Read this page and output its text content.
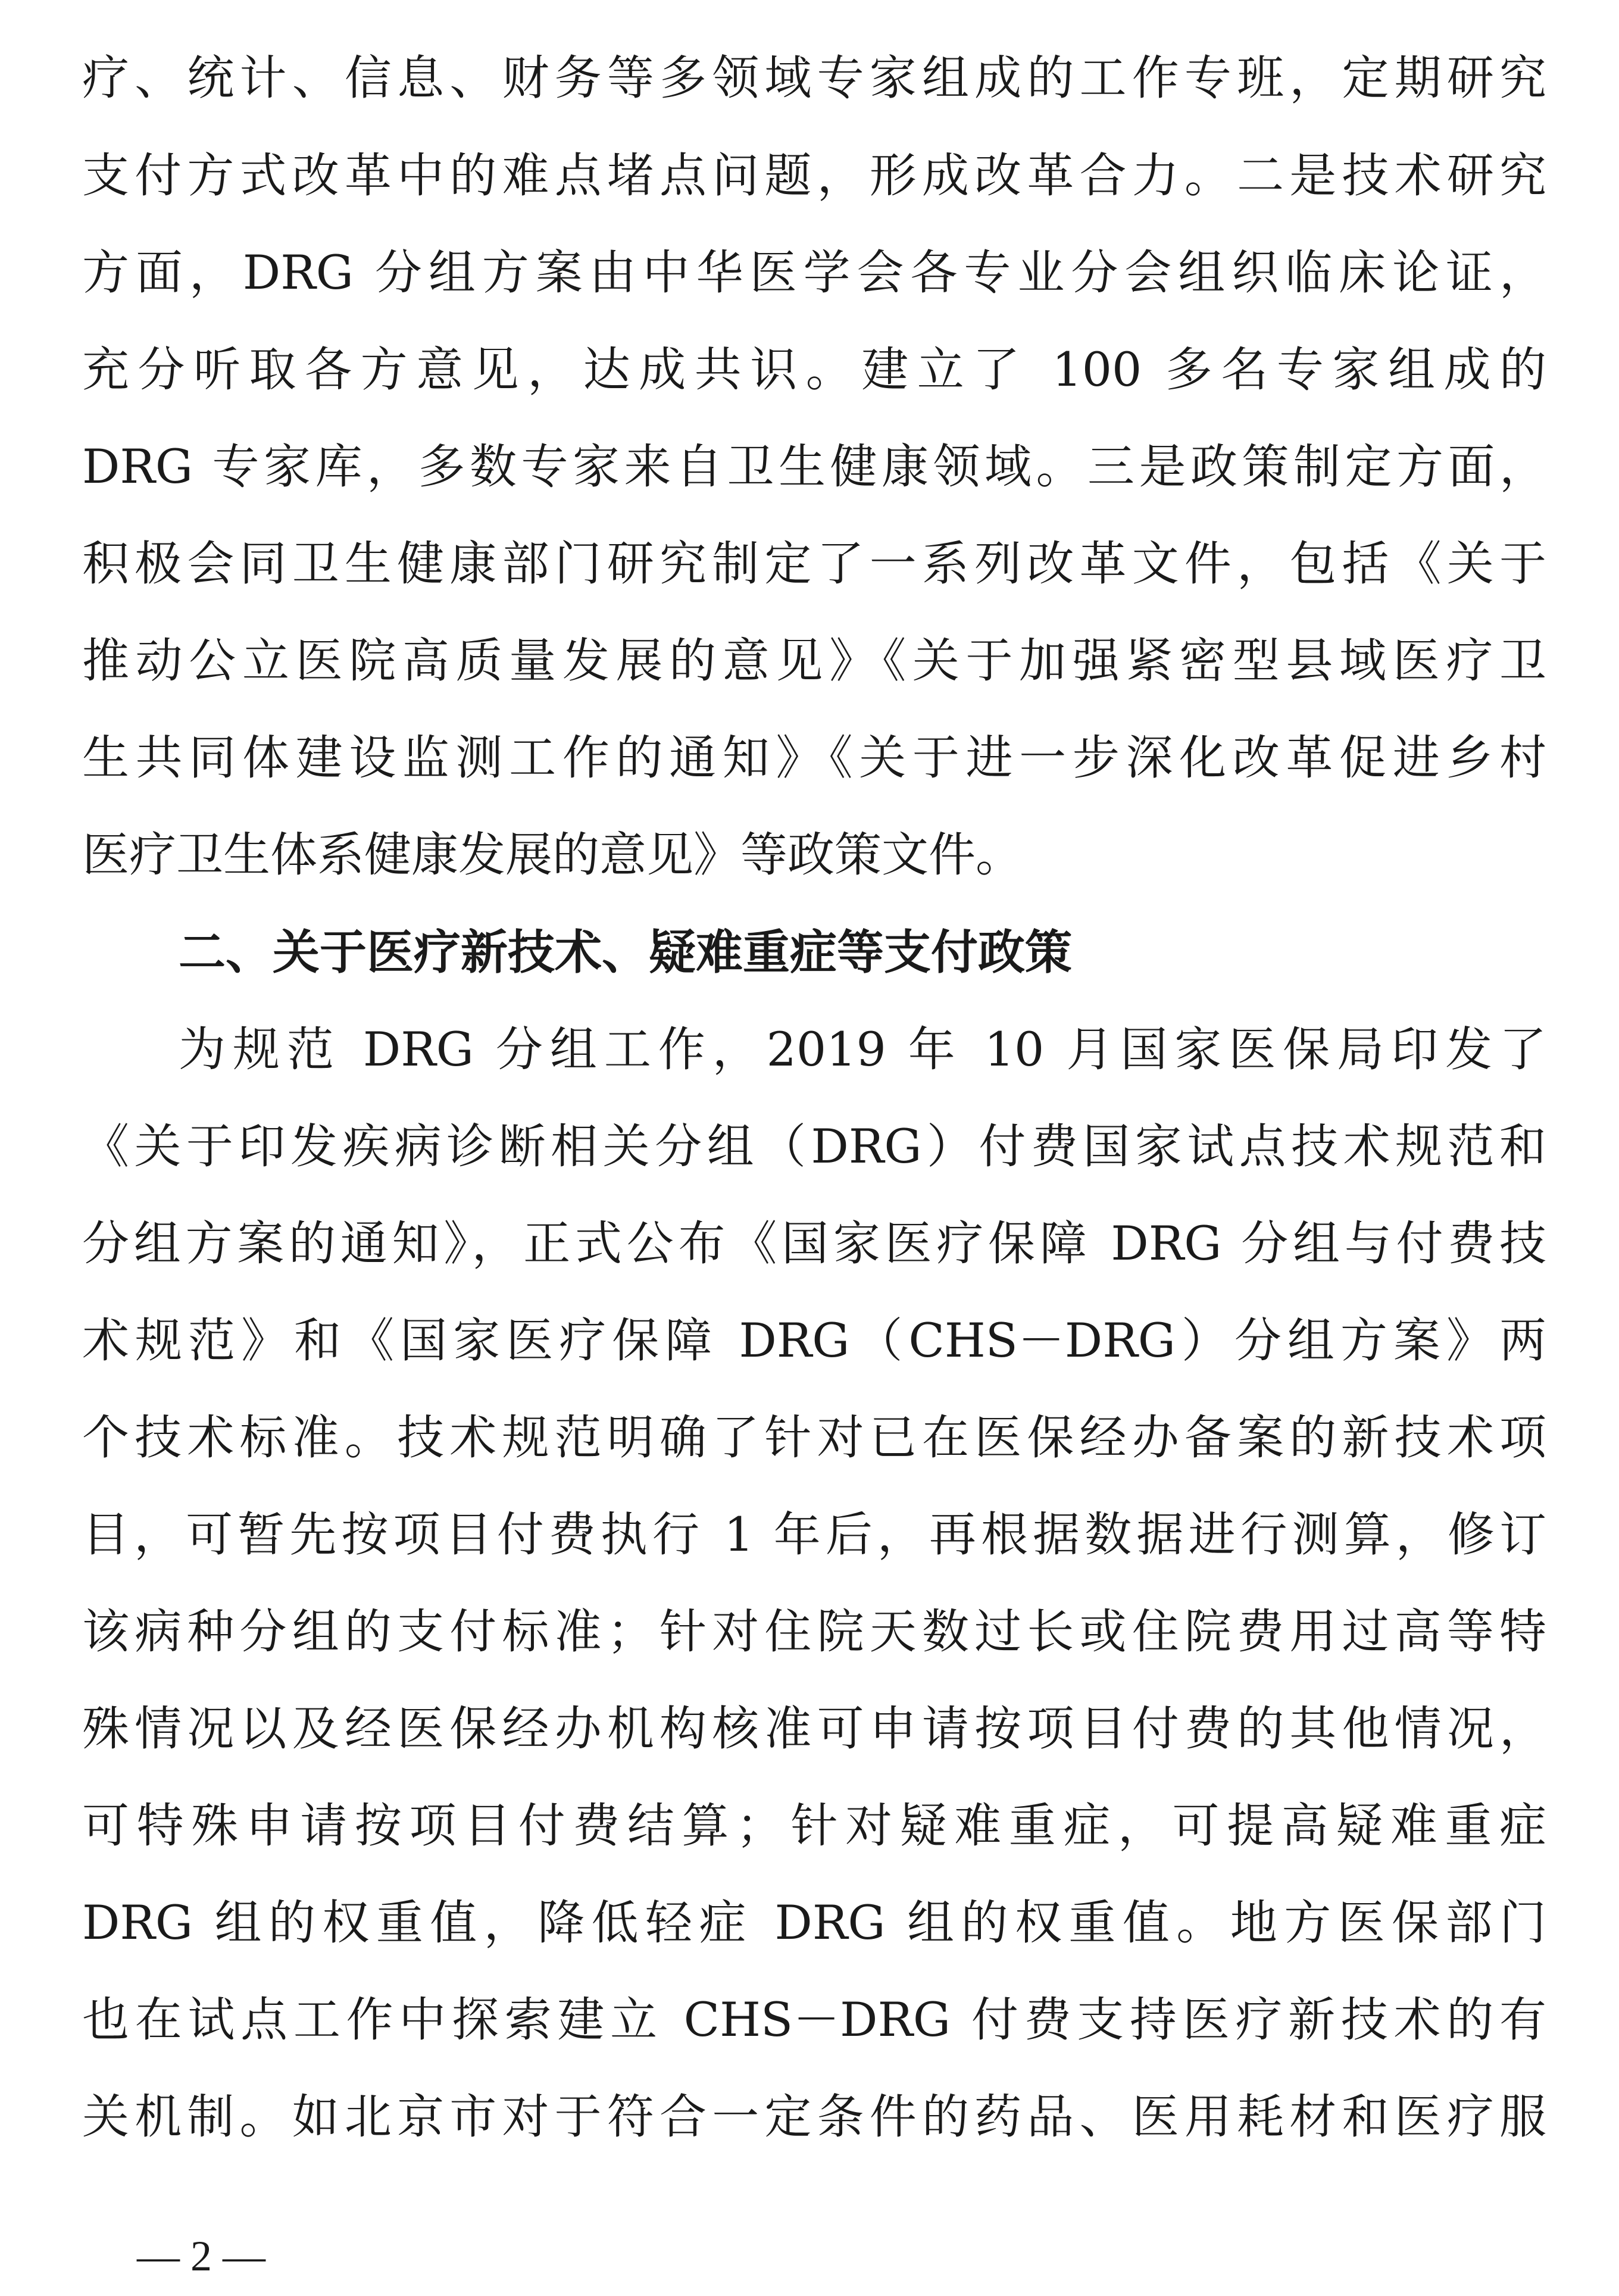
疗、统计、信息、财务等多领域专家组成的工作专班，定期研究
支付方式改革中的难点堵点问题，形成改革合力。二是技术研究
方面，DRG 分组方案由中华医学会各专业分会组织临床论证，
充分听取各方意见，达成共识。建立了 100 多名专家组成的
DRG 专家库，多数专家来自卫生健康领域。三是政策制定方面，
积极会同卫生健康部门研究制定了一系列改革文件，包括《关于
推动公立医院高质量发展的意见》《关于加强紧密型县域医疗卫
生共同体建设监测工作的通知》《关于进一步深化改革促进乡村
医疗卫生体系健康发展的意见》等政策文件。
二、关于医疗新技术、疑难重症等支付政策
为规范 DRG 分组工作，2019 年 10 月国家医保局印发了
《关于印发疾病诊断相关分组（DRG）付费国家试点技术规范和
分组方案的通知》，正式公布《国家医疗保障 DRG 分组与付费技
术规范》和《国家医疗保障 DRG（CHS－DRG）分组方案》两
个技术标准。技术规范明确了针对已在医保经办备案的新技术项
目，可暂先按项目付费执行 1 年后，再根据数据进行测算，修订
该病种分组的支付标准；针对住院天数过长或住院费用过高等特
殊情况以及经医保经办机构核准可申请按项目付费的其他情况，
可特殊申请按项目付费结算；针对疑难重症，可提高疑难重症
DRG 组的权重值，降低轻症 DRG 组的权重值。地方医保部门
也在试点工作中探索建立 CHS－DRG 付费支持医疗新技术的有
关机制。如北京市对于符合一定条件的药品、医用耗材和医疗服
— 2 —
